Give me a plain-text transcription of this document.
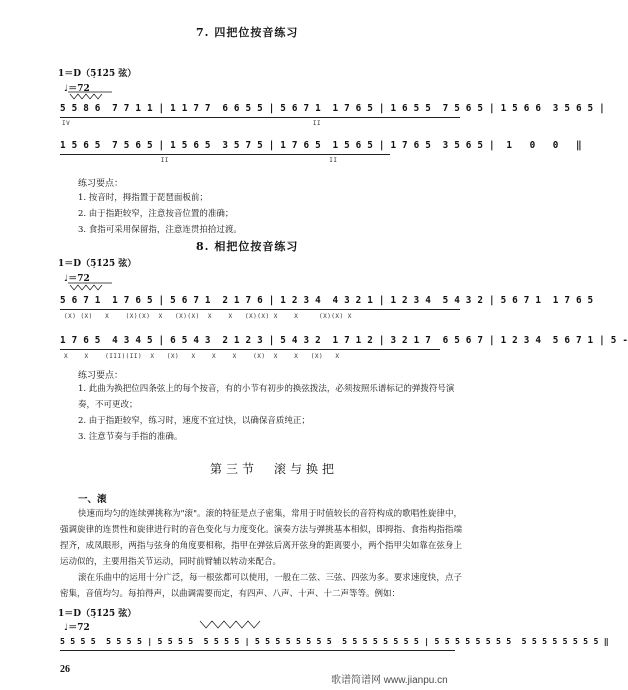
7. 四把位按音练习
1＝D（5̣1̇2̇5 弦）
♩＝72
5 5 8 6  7 7 1 1 | 1 1 7 7  6 6 5 5 | 5 6 7 1  1 7 6 5 | 1 6 5 5  7 5 6 5 | 1 5 6 6  3 5 6 5 |
IV                                                           II
1 5 6 5  7 5 6 5 | 1 5 6 5  3 5 7 5 | 1 7 6 5  1 5 6 5 | 1 7 6 5  3 5 6 5 |  1   0   0   ‖
II                                       II
练习要点：
1. 按音时，拇指置于琵琶面板前；
2. 由于指距较窄，注意按音位置的准确；
3. 食指可采用保留指，注意连贯拍拾过渡。
8. 相把位按音练习
1＝D（5̣1̇2̇5 弦）
♩＝72
5 6 7 1  1 7 6 5 | 5 6 7 1  2 1 7 6 | 1 2 3 4  4 3 2 1 | 1 2 3 4  5 4 3 2 | 5 6 7 1  1 7 6 5
(X) (X)   X    (X)(X)  X   (X)(X)  X    X   (X)(X) X    X     (X)(X) X
1 7 6 5  4 3 4 5 | 6 5 4 3  2 1 2 3 | 5 4 3 2  1 7 1 2 | 3 2 1 7  6 5 6 7 | 1 2 3 4  5 6 7 1 | 5 -
X    X    (III)(II)  X   (X)   X    X    X    (X)  X    X   (X)   X
练习要点：
1. 此曲为换把位四条弦上的每个按音，有的小节有初步的换弦拨法，必须按照乐谱标记的弹拨符号演奏，不可更改；
2. 由于指距较窄，练习时，速度不宜过快，以确保音质纯正；
3. 注意节奏与手指的准确。
第三节　滚与换把
一、滚
快速而均匀的连续弹挑称为"滚"。滚的特征是点子密集，常用于时值较长的音符构成的歌唱性旋律中，强调旋律的连贯性和旋律进行时的音色变化与力度变化。演奏方法与弹挑基本相似，即拇指、食指构指指端捏齐，成凤眼形，两指与弦身的角度要相称，指甲在弹弦后离开弦身的距离要小，两个指甲尖如靠在弦身上运动似的，主要用指关节运动，同时前臂辅以转动来配合。
滚在乐曲中的运用十分广泛，每一根弦都可以使用，一般在二弦、三弦、四弦为多。要求速度快，点子密集，音值均匀。每拍得声，以曲调需要而定，有四声、八声、十声、十二声等等。例如：
1＝D（5̣1̇2̇5 弦）
♩＝72
5 5 5 5  5 5 5 5 | 5 5 5 5  5 5 5 5 | 5 5 5 5 5 5 5 5  5 5 5 5 5 5 5 5 | 5 5 5 5 5 5 5 5  5 5 5 5 5 5 5 5 ‖
26
歌谱简谱网 www.jianpu.cn
